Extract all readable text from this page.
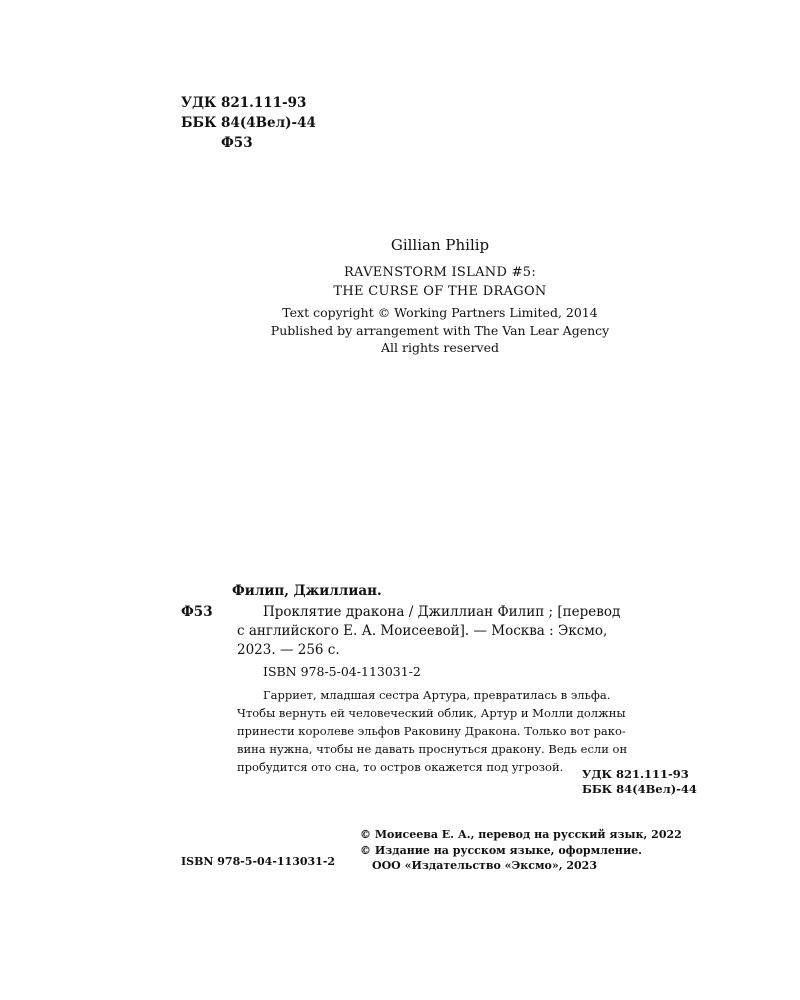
УДК 821.111-93
ББК 84(4Вел)-44
Ф53
Gillian Philip
RAVENSTORM ISLAND #5:
THE CURSE OF THE DRAGON
Text copyright © Working Partners Limited, 2014
Published by arrangement with The Van Lear Agency
All rights reserved
Филип, Джиллиан.
Ф53	Проклятие дракона / Джиллиан Филип ; [перевод
с английского Е. А. Моисеевой]. — Москва : Эксмо,
2023. — 256 с.
ISBN 978-5-04-113031-2
Гарриет, младшая сестра Артура, превратилась в эльфа.
Чтобы вернуть ей человеческий облик, Артур и Молли должны
принести королеве эльфов Раковину Дракона. Только вот рако-
вина нужна, чтобы не давать проснуться дракону. Ведь если он
пробудится ото сна, то остров окажется под угрозой.	УДК 821.111-93
ББК 84(4Вел)-44
© Моисеева Е. А., перевод на русский язык, 2022
© Издание на русском языке, оформление.
ООО «Издательство «Эксмо», 2023
ISBN 978-5-04-113031-2
